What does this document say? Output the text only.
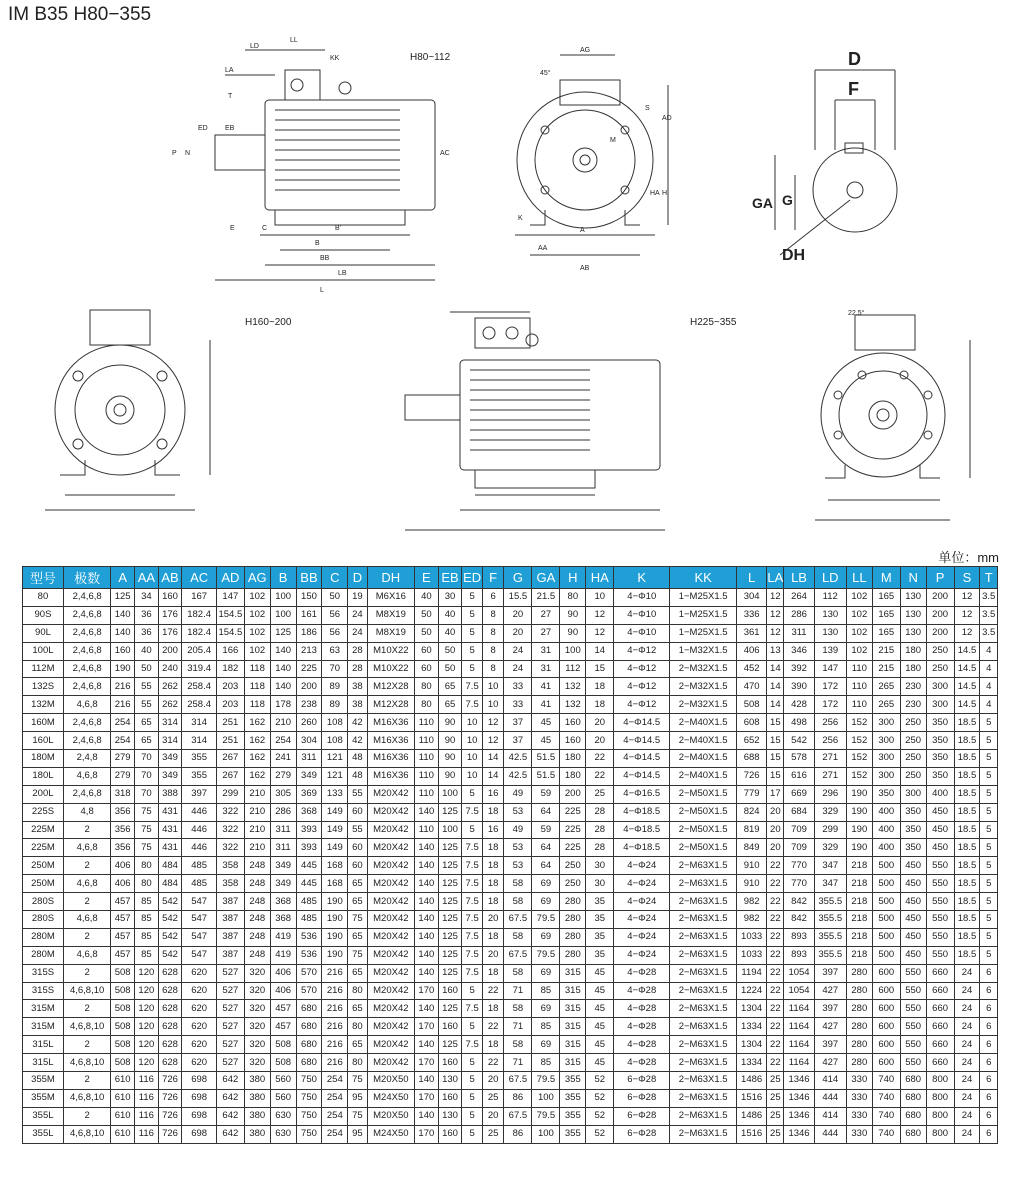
IM B35 H80−355
H80~112
H160~200	H225~355
LD
LL
KK
LA
T
ED EB
E	C	B'
B
BB
LB
L
P N	AC
AG
45°
AD
S
M
H
HA
K
A
AA
AB
D
F
GA G
DH
22.5°
单位：mm
型号	极数	A	AA	AB	AC	AD	AG	B	BB	C	D	DH	E	EB	ED	F	G	GA	H	HA	K	KK	L	LA	LB	LD	LL	M	N	P	S	T
80	2,4,6,8	125	34	160	167	147	102	100	150	50	19	M6X16	40	30	5	6	15.5	21.5	80	10	4−Φ10	1−M25X1.5	304	12	264	112	102	165	130	200	12	3.5
90S	2,4,6,8	140	36	176	182.4	154.5	102	100	161	56	24	M8X19	50	40	5	8	20	27	90	12	4−Φ10	1−M25X1.5	336	12	286	130	102	165	130	200	12	3.5
90L	2,4,6,8	140	36	176	182.4	154.5	102	125	186	56	24	M8X19	50	40	5	8	20	27	90	12	4−Φ10	1−M25X1.5	361	12	311	130	102	165	130	200	12	3.5
100L	2,4,6,8	160	40	200	205.4	166	102	140	213	63	28	M10X22	60	50	5	8	24	31	100	14	4−Φ12	1−M32X1.5	406	13	346	139	102	215	180	250	14.5	4
112M	2,4,6,8	190	50	240	319.4	182	118	140	225	70	28	M10X22	60	50	5	8	24	31	112	15	4−Φ12	2−M32X1.5	452	14	392	147	110	215	180	250	14.5	4
132S	2,4,6,8	216	55	262	258.4	203	118	140	200	89	38	M12X28	80	65	7.5	10	33	41	132	18	4−Φ12	2−M32X1.5	470	14	390	172	110	265	230	300	14.5	4
132M	4,6,8	216	55	262	258.4	203	118	178	238	89	38	M12X28	80	65	7.5	10	33	41	132	18	4−Φ12	2−M32X1.5	508	14	428	172	110	265	230	300	14.5	4
160M	2,4,6,8	254	65	314	314	251	162	210	260	108	42	M16X36	110	90	10	12	37	45	160	20	4−Φ14.5	2−M40X1.5	608	15	498	256	152	300	250	350	18.5	5
160L	2,4,6,8	254	65	314	314	251	162	254	304	108	42	M16X36	110	90	10	12	37	45	160	20	4−Φ14.5	2−M40X1.5	652	15	542	256	152	300	250	350	18.5	5
180M	2,4,8	279	70	349	355	267	162	241	311	121	48	M16X36	110	90	10	14	42.5	51.5	180	22	4−Φ14.5	2−M40X1.5	688	15	578	271	152	300	250	350	18.5	5
180L	4,6,8	279	70	349	355	267	162	279	349	121	48	M16X36	110	90	10	14	42.5	51.5	180	22	4−Φ14.5	2−M40X1.5	726	15	616	271	152	300	250	350	18.5	5
200L	2,4,6,8	318	70	388	397	299	210	305	369	133	55	M20X42	110	100	5	16	49	59	200	25	4−Φ16.5	2−M50X1.5	779	17	669	296	190	350	300	400	18.5	5
225S	4,8	356	75	431	446	322	210	286	368	149	60	M20X42	140	125	7.5	18	53	64	225	28	4−Φ18.5	2−M50X1.5	824	20	684	329	190	400	350	450	18.5	5
225M	2	356	75	431	446	322	210	311	393	149	55	M20X42	110	100	5	16	49	59	225	28	4−Φ18.5	2−M50X1.5	819	20	709	299	190	400	350	450	18.5	5
225M	4,6,8	356	75	431	446	322	210	311	393	149	60	M20X42	140	125	7.5	18	53	64	225	28	4−Φ18.5	2−M50X1.5	849	20	709	329	190	400	350	450	18.5	5
250M	2	406	80	484	485	358	248	349	445	168	60	M20X42	140	125	7.5	18	53	64	250	30	4−Φ24	2−M63X1.5	910	22	770	347	218	500	450	550	18.5	5
250M	4,6,8	406	80	484	485	358	248	349	445	168	65	M20X42	140	125	7.5	18	58	69	250	30	4−Φ24	2−M63X1.5	910	22	770	347	218	500	450	550	18.5	5
280S	2	457	85	542	547	387	248	368	485	190	65	M20X42	140	125	7.5	18	58	69	280	35	4−Φ24	2−M63X1.5	982	22	842	355.5	218	500	450	550	18.5	5
280S	4,6,8	457	85	542	547	387	248	368	485	190	75	M20X42	140	125	7.5	20	67.5	79.5	280	35	4−Φ24	2−M63X1.5	982	22	842	355.5	218	500	450	550	18.5	5
280M	2	457	85	542	547	387	248	419	536	190	65	M20X42	140	125	7.5	18	58	69	280	35	4−Φ24	2−M63X1.5	1033	22	893	355.5	218	500	450	550	18.5	5
280M	4,6,8	457	85	542	547	387	248	419	536	190	75	M20X42	140	125	7.5	20	67.5	79.5	280	35	4−Φ24	2−M63X1.5	1033	22	893	355.5	218	500	450	550	18.5	5
315S	2	508	120	628	620	527	320	406	570	216	65	M20X42	140	125	7.5	18	58	69	315	45	4−Φ28	2−M63X1.5	1194	22	1054	397	280	600	550	660	24	6
315S	4,6,8,10	508	120	628	620	527	320	406	570	216	80	M20X42	170	160	5	22	71	85	315	45	4−Φ28	2−M63X1.5	1224	22	1054	427	280	600	550	660	24	6
315M	2	508	120	628	620	527	320	457	680	216	65	M20X42	140	125	7.5	18	58	69	315	45	4−Φ28	2−M63X1.5	1304	22	1164	397	280	600	550	660	24	6
315M	4,6,8,10	508	120	628	620	527	320	457	680	216	80	M20X42	170	160	5	22	71	85	315	45	4−Φ28	2−M63X1.5	1334	22	1164	427	280	600	550	660	24	6
315L	2	508	120	628	620	527	320	508	680	216	65	M20X42	140	125	7.5	18	58	69	315	45	4−Φ28	2−M63X1.5	1304	22	1164	397	280	600	550	660	24	6
315L	4,6,8,10	508	120	628	620	527	320	508	680	216	80	M20X42	170	160	5	22	71	85	315	45	4−Φ28	2−M63X1.5	1334	22	1164	427	280	600	550	660	24	6
355M	2	610	116	726	698	642	380	560	750	254	75	M20X50	140	130	5	20	67.5	79.5	355	52	6−Φ28	2−M63X1.5	1486	25	1346	414	330	740	680	800	24	6
355M	4,6,8,10	610	116	726	698	642	380	560	750	254	95	M24X50	170	160	5	25	86	100	355	52	6−Φ28	2−M63X1.5	1516	25	1346	444	330	740	680	800	24	6
355L	2	610	116	726	698	642	380	630	750	254	75	M20X50	140	130	5	20	67.5	79.5	355	52	6−Φ28	2−M63X1.5	1486	25	1346	414	330	740	680	800	24	6
355L	4,6,8,10	610	116	726	698	642	380	630	750	254	95	M24X50	170	160	5	25	86	100	355	52	6−Φ28	2−M63X1.5	1516	25	1346	444	330	740	680	800	24	6
